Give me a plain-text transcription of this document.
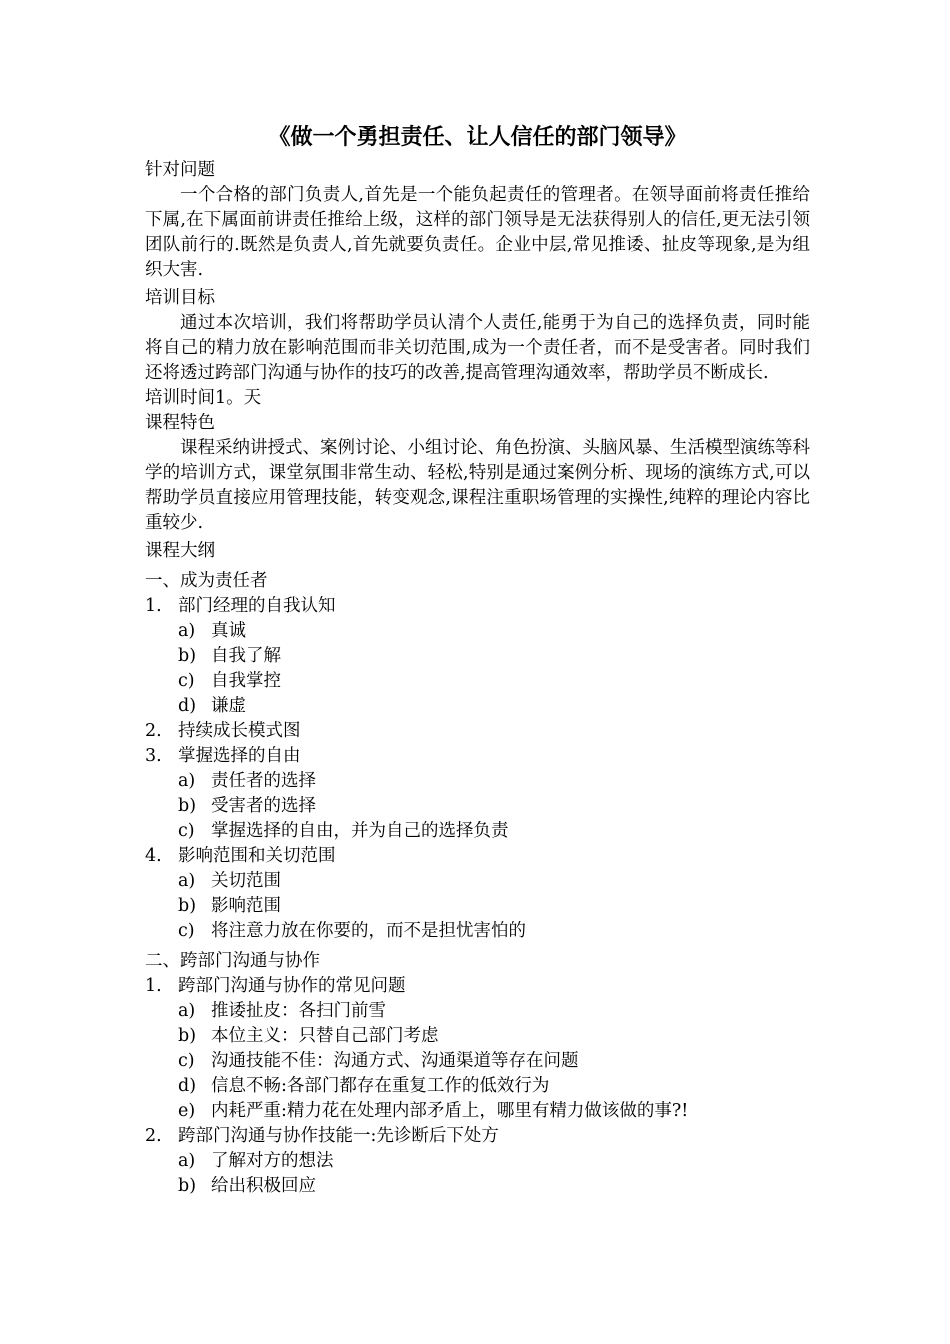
《做一个勇担责任、让人信任的部门领导》
针对问题

一个合格的部门负责人,首先是一个能负起责任的管理者。在领导面前将责任推给下属,在下属面前讲责任推给上级，这样的部门领导是无法获得别人的信任,更无法引领团队前行的.既然是负责人,首先就要负责任。企业中层,常见推诿、扯皮等现象,是为组织大害.

培训目标

通过本次培训，我们将帮助学员认清个人责任,能勇于为自己的选择负责，同时能将自己的精力放在影响范围而非关切范围,成为一个责任者，而不是受害者。同时我们还将透过跨部门沟通与协作的技巧的改善,提高管理沟通效率，帮助学员不断成长.

培训时间1。天
课程特色

课程采纳讲授式、案例讨论、小组讨论、角色扮演、头脑风暴、生活模型演练等科学的培训方式，课堂氛围非常生动、轻松,特别是通过案例分析、现场的演练方式,可以帮助学员直接应用管理技能，转变观念,课程注重职场管理的实操性,纯粹的理论内容比重较少.

课程大纲
一、成为责任者
1. 部门经理的自我认知
a) 真诚
b) 自我了解
c) 自我掌控
d) 谦虚
2. 持续成长模式图
3. 掌握选择的自由
a) 责任者的选择
b) 受害者的选择
c) 掌握选择的自由，并为自己的选择负责
4. 影响范围和关切范围
a) 关切范围
b) 影响范围
c) 将注意力放在你要的，而不是担忧害怕的
二、跨部门沟通与协作
1. 跨部门沟通与协作的常见问题
a) 推诿扯皮：各扫门前雪
b) 本位主义：只替自己部门考虑
c) 沟通技能不佳：沟通方式、沟通渠道等存在问题
d) 信息不畅:各部门都存在重复工作的低效行为
e) 内耗严重:精力花在处理内部矛盾上，哪里有精力做该做的事?!
2. 跨部门沟通与协作技能一:先诊断后下处方
a) 了解对方的想法
b) 给出积极回应
